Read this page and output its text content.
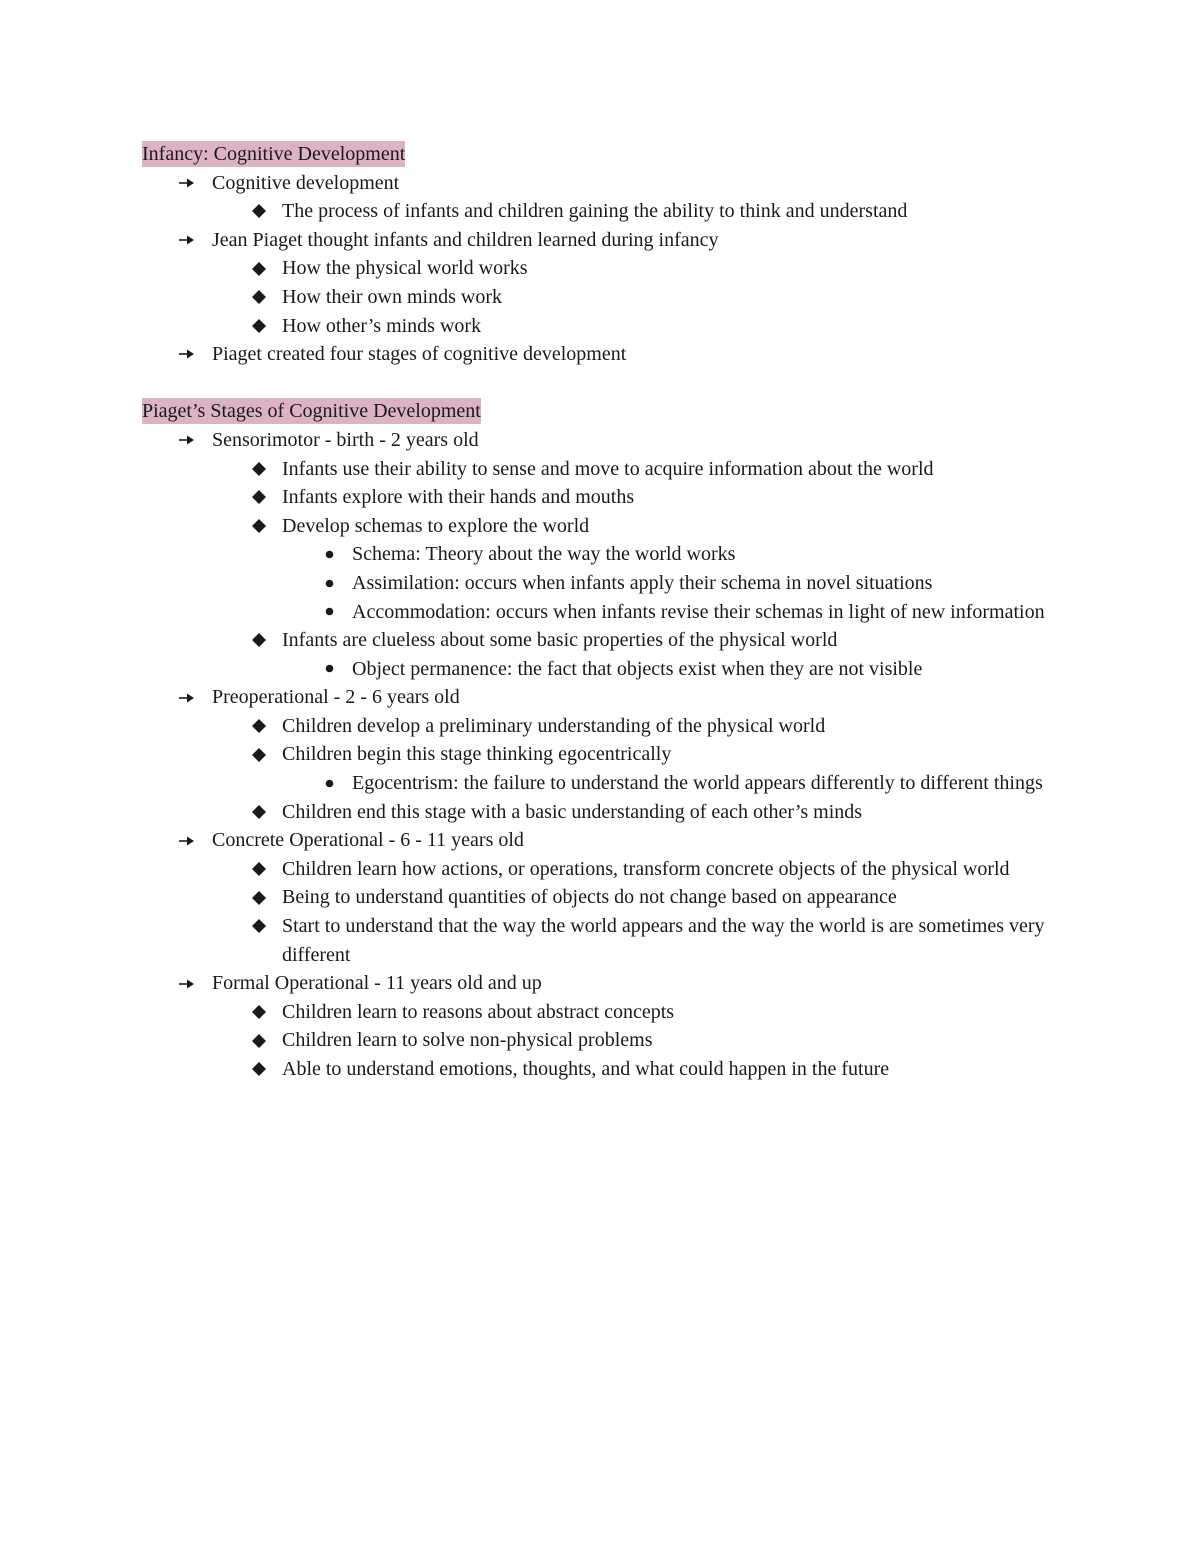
Infancy: Cognitive Development
Cognitive development
The process of infants and children gaining the ability to think and understand
Jean Piaget thought infants and children learned during infancy
How the physical world works
How their own minds work
How other’s minds work
Piaget created four stages of cognitive development
Piaget’s Stages of Cognitive Development
Sensorimotor - birth - 2 years old
Infants use their ability to sense and move to acquire information about the world
Infants explore with their hands and mouths
Develop schemas to explore the world
Schema: Theory about the way the world works
Assimilation: occurs when infants apply their schema in novel situations
Accommodation: occurs when infants revise their schemas in light of new information
Infants are clueless about some basic properties of the physical world
Object permanence: the fact that objects exist when they are not visible
Preoperational - 2 - 6 years old
Children develop a preliminary understanding of the physical world
Children begin this stage thinking egocentrically
Egocentrism: the failure to understand the world appears differently to different things
Children end this stage with a basic understanding of each other’s minds
Concrete Operational - 6 - 11 years old
Children learn how actions, or operations, transform concrete objects of the physical world
Being to understand quantities of objects do not change based on appearance
Start to understand that the way the world appears and the way the world is are sometimes very different
Formal Operational - 11 years old and up
Children learn to reasons about abstract concepts
Children learn to solve non-physical problems
Able to understand emotions, thoughts, and what could happen in the future
